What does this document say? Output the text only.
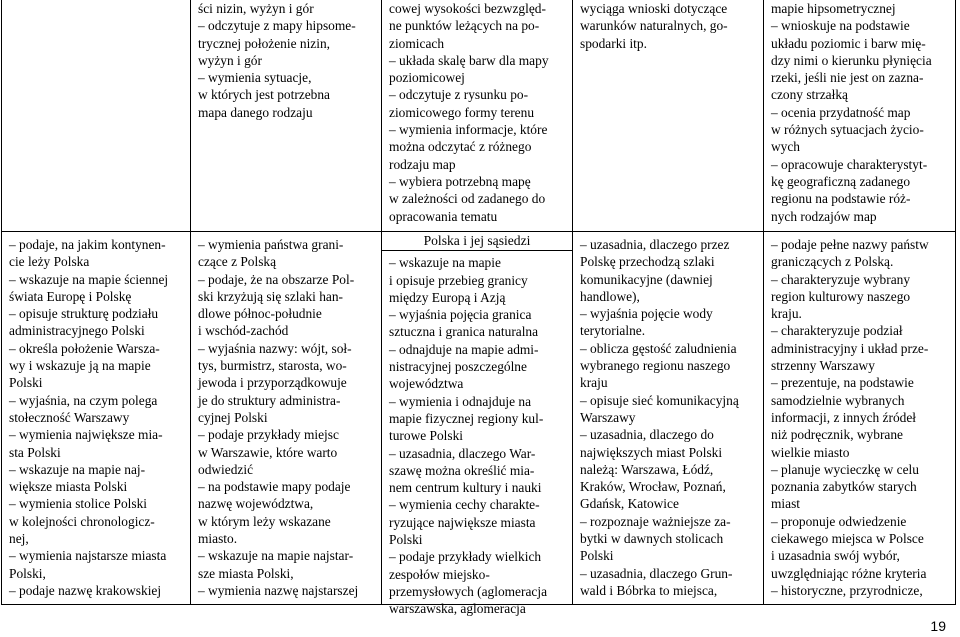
ści nizin, wyżyn i gór
– odczytuje z mapy hipsome-
trycznej położenie nizin,
wyżyn i gór
– wymienia sytuacje,
w których jest potrzebna
mapa danego rodzaju
cowej wysokości bezwzględ-
ne punktów leżących na po-
ziomicach
– układa skalę barw dla mapy
poziomicowej
– odczytuje z rysunku po-
ziomicowego formy terenu
– wymienia informacje, które
można odczytać z różnego
rodzaju map
– wybiera potrzebną mapę
w zależności od zadanego do
opracowania tematu
wyciąga wnioski dotyczące
warunków naturalnych, go-
spodarki itp.
mapie hipsometrycznej
– wnioskuje na podstawie
układu poziomic i barw mię-
dzy nimi o kierunku płynięcia
rzeki, jeśli nie jest on zazna-
czony strzałką
– ocenia przydatność map
w różnych sytuacjach życio-
wych
– opracowuje charakterystyt-
kę geograficzną zadanego
regionu na podstawie róż-
nych rodzajów map
– podaje, na jakim kontynen-
cie leży Polska
– wskazuje na mapie ściennej
świata Europę i Polskę
– opisuje strukturę podziału
administracyjnego Polski
– określa położenie Warsza-
wy i wskazuje ją na mapie
Polski
– wyjaśnia, na czym polega
stołeczność Warszawy
– wymienia największe mia-
sta Polski
– wskazuje na mapie naj-
większe miasta Polski
– wymienia stolice Polski
w kolejności chronologicz-
nej,
– wymienia najstarsze miasta
Polski,
– podaje nazwę krakowskiej
– wymienia państwa grani-
czące z Polską
– podaje, że na obszarze Pol-
ski krzyżują się szlaki han-
dlowe północ-południe
i wschód-zachód
– wyjaśnia nazwy: wójt, soł-
tys, burmistrz, starosta, wo-
jewoda i przyporządkowuje
je do struktury administra-
cyjnej Polski
– podaje przykłady miejsc
w Warszawie, które warto
odwiedzić
– na podstawie mapy podaje
nazwę województwa,
w którym leży wskazane
miasto.
– wskazuje na mapie najstar-
sze miasta Polski,
– wymienia nazwę najstarszej
Polska i jej sąsiedzi
– wskazuje na mapie
i opisuje przebieg granicy
między Europą i Azją
– wyjaśnia pojęcia granica
sztuczna i granica naturalna
– odnajduje na mapie admi-
nistracyjnej poszczególne
województwa
– wymienia i odnajduje na
mapie fizycznej regiony kul-
turowe Polski
– uzasadnia, dlaczego War-
szawę można określić mia-
nem centrum kultury i nauki
– wymienia cechy charakte-
ryzujące największe miasta
Polski
– podaje przykłady wielkich
zespołów miejsko-
przemysłowych (aglomeracja
warszawska, aglomeracja
– uzasadnia, dlaczego przez
Polskę przechodzą szlaki
komunikacyjne (dawniej
handlowe),
– wyjaśnia pojęcie wody
terytorialne.
– oblicza gęstość zaludnienia
wybranego regionu naszego
kraju
– opisuje sieć komunikacyjną
Warszawy
– uzasadnia, dlaczego do
największych miast Polski
należą: Warszawa, Łódź,
Kraków, Wrocław, Poznań,
Gdańsk, Katowice
– rozpoznaje ważniejsze za-
bytki w dawnych stolicach
Polski
– uzasadnia, dlaczego Grun-
wald i Bóbrka to miejsca,
– podaje pełne nazwy państw
graniczących z Polską.
– charakteryzuje wybrany
region kulturowy naszego
kraju.
– charakteryzuje podział
administracyjny i układ prze-
strzenny Warszawy
– prezentuje, na podstawie
samodzielnie wybranych
informacji, z innych źródeł
niż podręcznik, wybrane
wielkie miasto
– planuje wycieczkę w celu
poznania zabytków starych
miast
– proponuje odwiedzenie
ciekawego miejsca w Polsce
i uzasadnia swój wybór,
uwzględniając różne kryteria
– historyczne, przyrodnicze,
19
